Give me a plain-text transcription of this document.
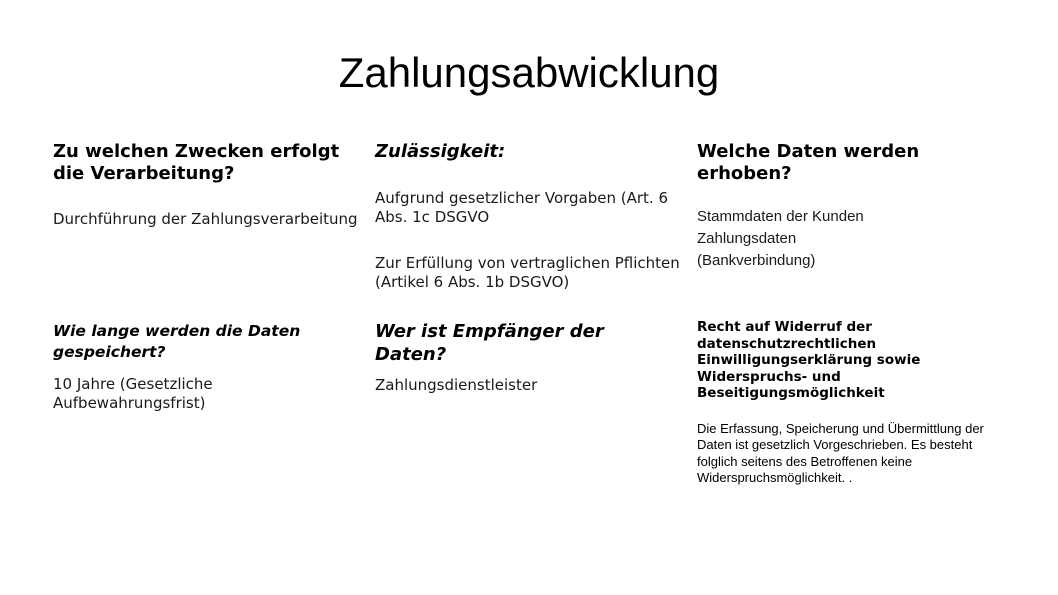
Zahlungsabwicklung
Zu welchen Zwecken erfolgt die Verarbeitung?

Durchführung der Zahlungsverarbeitung

Zulässigkeit:

Aufgrund gesetzlicher Vorgaben (Art. 6 Abs. 1c DSGVO

Zur Erfüllung von vertraglichen Pflichten (Artikel 6 Abs. 1b DSGVO)

Welche Daten werden erhoben?

Stammdaten der Kunden

Zahlungsdaten

(Bankverbindung)

Wie lange werden die Daten gespeichert?

10 Jahre (Gesetzliche Aufbewahrungsfrist)

Wer ist Empfänger der Daten?

Zahlungsdienstleister

Recht auf Widerruf der datenschutzrechtlichen Einwilligungserklärung sowie Widerspruchs- und Beseitigungsmöglichkeit

Die Erfassung, Speicherung und Übermittlung der Daten ist gesetzlich Vorgeschrieben. Es besteht folglich seitens des Betroffenen keine Widerspruchsmöglichkeit. .
